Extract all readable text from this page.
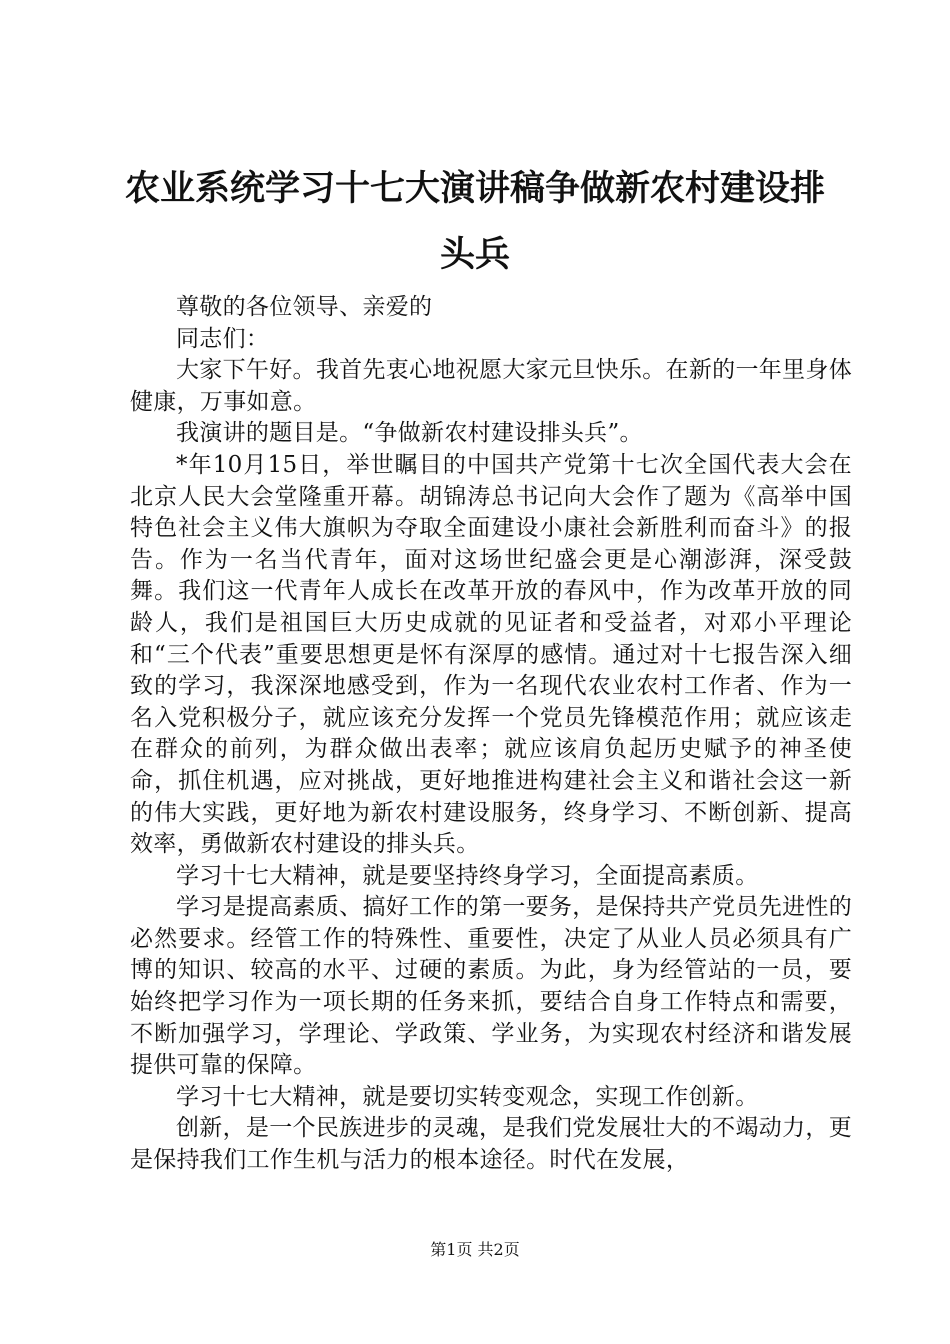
农业系统学习十七大演讲稿争做新农村建设排头兵

尊敬的各位领导、亲爱的

同志们：

大家下午好。我首先衷心地祝愿大家元旦快乐。在新的一年里身体健康，万事如意。

我演讲的题目是。“争做新农村建设排头兵”。

*年10月15日，举世瞩目的中国共产党第十七次全国代表大会在北京人民大会堂隆重开幕。胡锦涛总书记向大会作了题为《高举中国特色社会主义伟大旗帜为夺取全面建设小康社会新胜利而奋斗》的报告。作为一名当代青年，面对这场世纪盛会更是心潮澎湃，深受鼓舞。我们这一代青年人成长在改革开放的春风中，作为改革开放的同龄人，我们是祖国巨大历史成就的见证者和受益者，对邓小平理论和“三个代表”重要思想更是怀有深厚的感情。通过对十七报告深入细致的学习，我深深地感受到，作为一名现代农业农村工作者、作为一名入党积极分子，就应该充分发挥一个党员先锋模范作用；就应该走在群众的前列，为群众做出表率；就应该肩负起历史赋予的神圣使命，抓住机遇，应对挑战，更好地推进构建社会主义和谐社会这一新的伟大实践，更好地为新农村建设服务，终身学习、不断创新、提高效率，勇做新农村建设的排头兵。

学习十七大精神，就是要坚持终身学习，全面提高素质。

学习是提高素质、搞好工作的第一要务，是保持共产党员先进性的必然要求。经管工作的特殊性、重要性，决定了从业人员必须具有广博的知识、较高的水平、过硬的素质。为此，身为经管站的一员，要始终把学习作为一项长期的任务来抓，要结合自身工作特点和需要，不断加强学习，学理论、学政策、学业务，为实现农村经济和谐发展提供可靠的保障。

学习十七大精神，就是要切实转变观念，实现工作创新。

创新，是一个民族进步的灵魂，是我们党发展壮大的不竭动力，更是保持我们工作生机与活力的根本途径。时代在发展，

第1页 共2页
